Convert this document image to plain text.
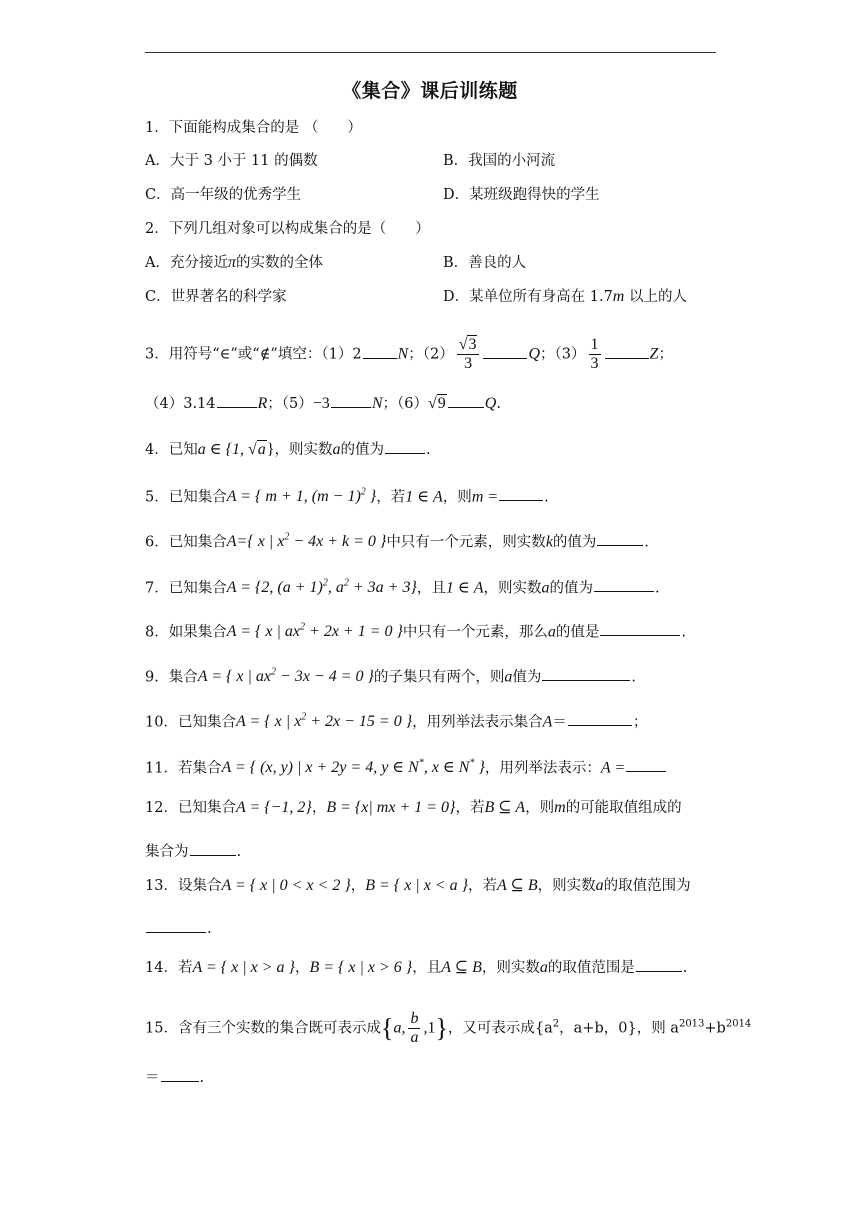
《集合》课后训练题
1．下面能构成集合的是 （　　）
A．大于 3 小于 11 的偶数	B．我国的小河流
C．高一年级的优秀学生	D．某班级跑得快的学生
2．下列几组对象可以构成集合的是（　　）
A．充分接近π的实数的全体	B．善良的人
C．世界著名的科学家	D．某单位所有身高在 1.7m 以上的人
3．用符号“∈”或“∉”填空：（1）2 N；$(2) \frac{√3}{3}$	Q；$(3) \frac{1}{3}$	Z；
（4）3.14	R；（5）−3	N；（6）√9 Q.
4．已知a ∈ {1, √a}，则实数a的值为	.
5．已知集合A = { m + 1, $(m - 1)^2$ }，若1 ∈ A，则m =	.
6．已知集合A={ x | $x^2 - 4x + k = 0$ }中只有一个元素，则实数k的值为	．
7．已知集合A = {2, $(a + 1)^2$, $a^2 + 3a + 3$}，且1 ∈ A，则实数a的值为	.
8．如果集合A = { x | $ax^2 + 2x + 1 = 0$ }中只有一个元素，那么a的值是	.
9．集合A = { x | $ax^2 - 3x - 4 = 0$ }的子集只有两个，则a值为	.
10．已知集合A = { x | $x^2 + 2x - 15 = 0$ }，用列举法表示集合A＝	；
11．若集合A = { (x, y) | x + 2y = 4, y ∈ N*, x ∈ N* }，用列举法表示：A =
12．已知集合A = {−1, 2}，B = {x| mx + 1 = 0}，若B ⊆ A，则m的可能取值组成的
集合为	.
13．设集合A = { x | 0 < x < 2 }，B = { x | x < a }，若A ⊆ B，则实数a的取值范围为
.
14．若A = { x | x > a }，B = { x | x > 6 }，且A ⊆ B，则实数a的取值范围是	.
15．含有三个实数的集合既可表示成{a, $\frac{b}{a} ,1$}，又可表示成{$a^2$，a+b，0}，则 $a^{2013}+b^{2014}$
＝	.
